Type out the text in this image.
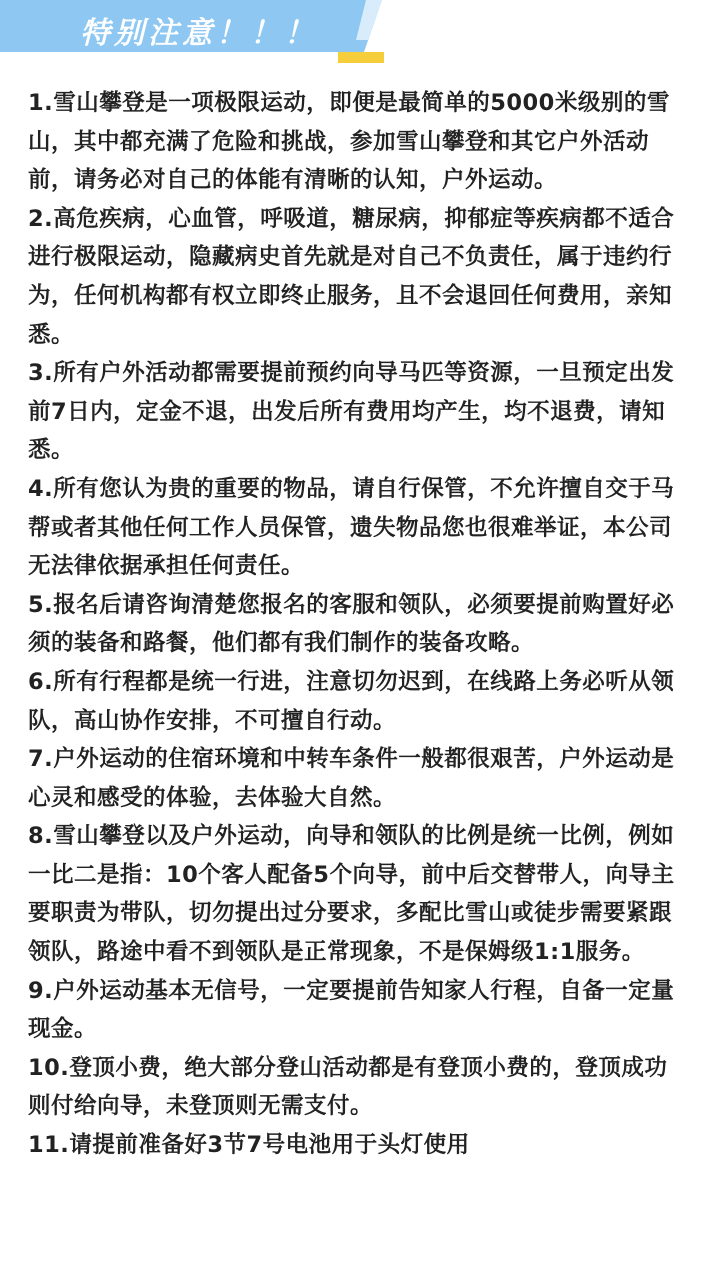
特别注意！！！
1.雪山攀登是一项极限运动，即便是最简单的5000米级别的雪山，其中都充满了危险和挑战，参加雪山攀登和其它户外活动前，请务必对自己的体能有清晰的认知，户外运动。
2.高危疾病，心血管，呼吸道，糖尿病，抑郁症等疾病都不适合进行极限运动，隐藏病史首先就是对自己不负责任，属于违约行为，任何机构都有权立即终止服务，且不会退回任何费用，亲知悉。
3.所有户外活动都需要提前预约向导马匹等资源，一旦预定出发前7日内，定金不退，出发后所有费用均产生，均不退费，请知悉。
4.所有您认为贵的重要的物品，请自行保管，不允许擅自交于马帮或者其他任何工作人员保管，遗失物品您也很难举证，本公司无法律依据承担任何责任。
5.报名后请咨询清楚您报名的客服和领队，必须要提前购置好必须的装备和路餐，他们都有我们制作的装备攻略。
6.所有行程都是统一行进，注意切勿迟到，在线路上务必听从领队，高山协作安排，不可擅自行动。
7.户外运动的住宿环境和中转车条件一般都很艰苦，户外运动是心灵和感受的体验，去体验大自然。
8.雪山攀登以及户外运动，向导和领队的比例是统一比例，例如一比二是指：10个客人配备5个向导，前中后交替带人，向导主要职责为带队，切勿提出过分要求，多配比雪山或徒步需要紧跟领队，路途中看不到领队是正常现象，不是保姆级1:1服务。
9.户外运动基本无信号，一定要提前告知家人行程，自备一定量现金。
10.登顶小费，绝大部分登山活动都是有登顶小费的，登顶成功则付给向导，未登顶则无需支付。
11.请提前准备好3节7号电池用于头灯使用
